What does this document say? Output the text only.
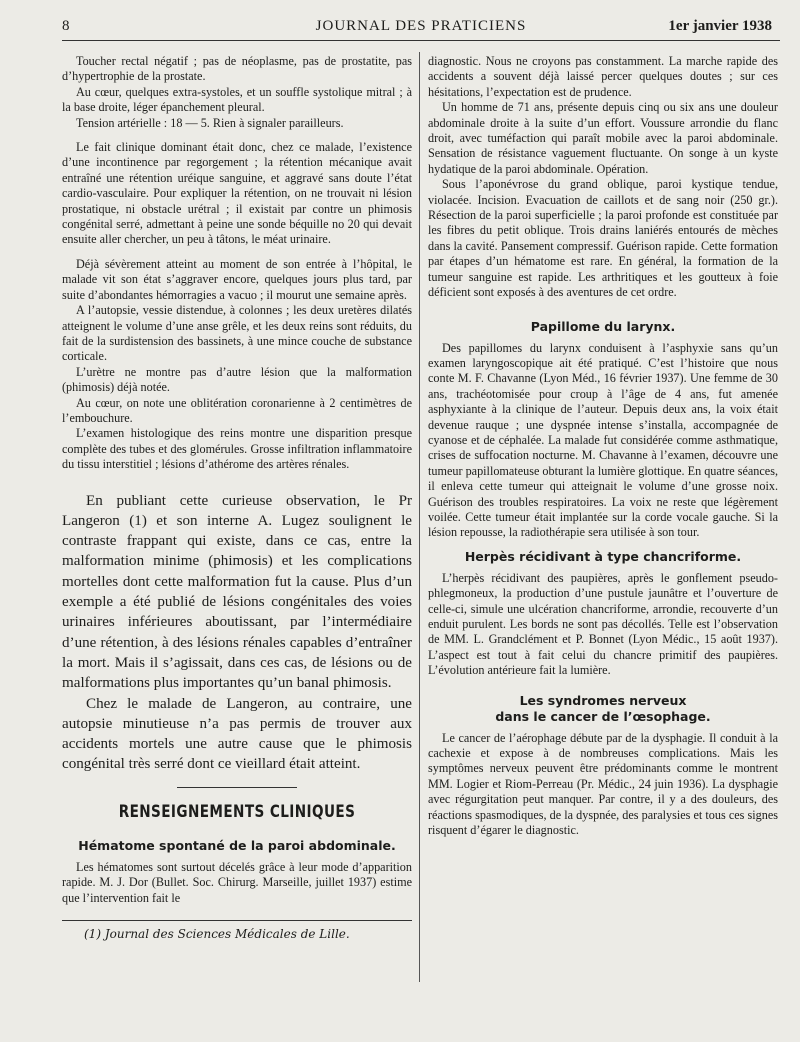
8	JOURNAL DES PRATICIENS	1er janvier 1938

Toucher rectal négatif ; pas de néoplasme, pas de prostatite, pas d’hypertrophie de la prostate.

Au cœur, quelques extra-systoles, et un souffle systolique mitral ; à la base droite, léger épanchement pleural.

Tension artérielle : 18 — 5. Rien à signaler parailleurs.

Le fait clinique dominant était donc, chez ce malade, l’existence d’une incontinence par regorgement ; la rétention mécanique avait entraîné une rétention uréique sanguine, et aggravé sans doute l’état cardio-vasculaire. Pour expliquer la rétention, on ne trouvait ni lésion prostatique, ni obstacle urétral ; il existait par contre un phimosis congénital serré, admettant à peine une sonde béquille no 20 qui devait ensuite aller chercher, un peu à tâtons, le méat urinaire.

Déjà sévèrement atteint au moment de son entrée à l’hôpital, le malade vit son état s’aggraver encore, quelques jours plus tard, par suite d’abondantes hémorragies a vacuo ; il mourut une semaine après.

A l’autopsie, vessie distendue, à colonnes ; les deux uretères dilatés atteignent le volume d’une anse grêle, et les deux reins sont réduits, du fait de la surdistension des bassinets, à une mince couche de substance corticale.

L’urètre ne montre pas d’autre lésion que la malformation (phimosis) déjà notée.

Au cœur, on note une oblitération coronarienne à 2 centimètres de l’embouchure.

L’examen histologique des reins montre une disparition presque complète des tubes et des glomérules. Grosse infiltration inflammatoire du tissu interstitiel ; lésions d’athérome des artères rénales.

En publiant cette curieuse observation, le Pr Langeron (1) et son interne A. Lugez soulignent le contraste frappant qui existe, dans ce cas, entre la malformation minime (phimosis) et les complications mortelles dont cette malformation fut la cause. Plus d’un exemple a été publié de lésions congénitales des voies urinaires inférieures aboutissant, par l’intermédiaire d’une rétention, à des lésions rénales capables d’entraîner la mort. Mais il s’agissait, dans ces cas, de lésions ou de malformations plus importantes qu’un banal phimosis.

Chez le malade de Langeron, au contraire, une autopsie minutieuse n’a pas permis de trouver aux accidents mortels une autre cause que le phimosis congénital très serré dont ce vieillard était atteint.

RENSEIGNEMENTS CLINIQUES
Hématome spontané de la paroi abdominale.

Les hématomes sont surtout décelés grâce à leur mode d’apparition rapide. M. J. Dor (Bullet. Soc. Chirurg. Marseille, juillet 1937) estime que l’intervention fait le

(1) Journal des Sciences Médicales de Lille.

diagnostic. Nous ne croyons pas constamment. La marche rapide des accidents a souvent déjà laissé percer quelques doutes ; sur ces hésitations, l’expectation est de prudence.

Un homme de 71 ans, présente depuis cinq ou six ans une douleur abdominale droite à la suite d’un effort. Voussure arrondie du flanc droit, avec tuméfaction qui paraît mobile avec la paroi abdominale. Sensation de résistance vaguement fluctuante. On songe à un kyste hydatique de la paroi abdominale. Opération.

Sous l’aponévrose du grand oblique, paroi kystique tendue, violacée. Incision. Evacuation de caillots et de sang noir (250 gr.). Résection de la paroi superficielle ; la paroi profonde est constituée par les fibres du petit oblique. Trois drains laniérés entourés de mèches dans la cavité. Pansement compressif. Guérison rapide. Cette formation par étapes d’un hématome est rare. En général, la formation de la tumeur sanguine est rapide. Les arthritiques et les goutteux à foie déficient sont exposés à des aventures de cet ordre.

Papillome du larynx.

Des papillomes du larynx conduisent à l’asphyxie sans qu’un examen laryngoscopique ait été pratiqué. C’est l’histoire que nous conte M. F. Chavanne (Lyon Méd., 16 février 1937). Une femme de 30 ans, trachéotomisée pour croup à l’âge de 4 ans, fut amenée asphyxiante à la clinique de l’auteur. Depuis deux ans, la voix était devenue rauque ; une dyspnée intense s’installa, accompagnée de cyanose et de céphalée. La malade fut considérée comme asthmatique, crises de suffocation nocturne. M. Chavanne à l’examen, découvre une tumeur papillomateuse obturant la lumière glottique. En quatre séances, il enleva cette tumeur qui atteignait le volume d’une grosse noix. Guérison des troubles respiratoires. La voix ne reste que légèrement voilée. Cette tumeur était implantée sur la corde vocale gauche. Si la lésion repousse, la radiothérapie sera utilisée à son tour.

Herpès récidivant à type chancriforme.

L’herpès récidivant des paupières, après le gonflement pseudo-phlegmoneux, la production d’une pustule jaunâtre et l’ouverture de celle-ci, simule une ulcération chancriforme, arrondie, recouverte d’un enduit purulent. Les bords ne sont pas décollés. Telle est l’observation de MM. L. Grandclément et P. Bonnet (Lyon Médic., 15 août 1937). L’aspect est tout à fait celui du chancre primitif des paupières. L’évolution antérieure fait la lumière.

Les syndromes nerveux
dans le cancer de l’œsophage.

Le cancer de l’aérophage débute par de la dysphagie. Il conduit à la cachexie et expose à de nombreuses complications. Mais les symptômes nerveux peuvent être prédominants comme le montrent MM. Logier et Riom-Perreau (Pr. Médic., 24 juin 1936). La dysphagie avec régurgitation peut manquer. Par contre, il y a des douleurs, des réactions spasmodiques, de la dyspnée, des paralysies et tous ces signes risquent d’égarer le diagnostic.
